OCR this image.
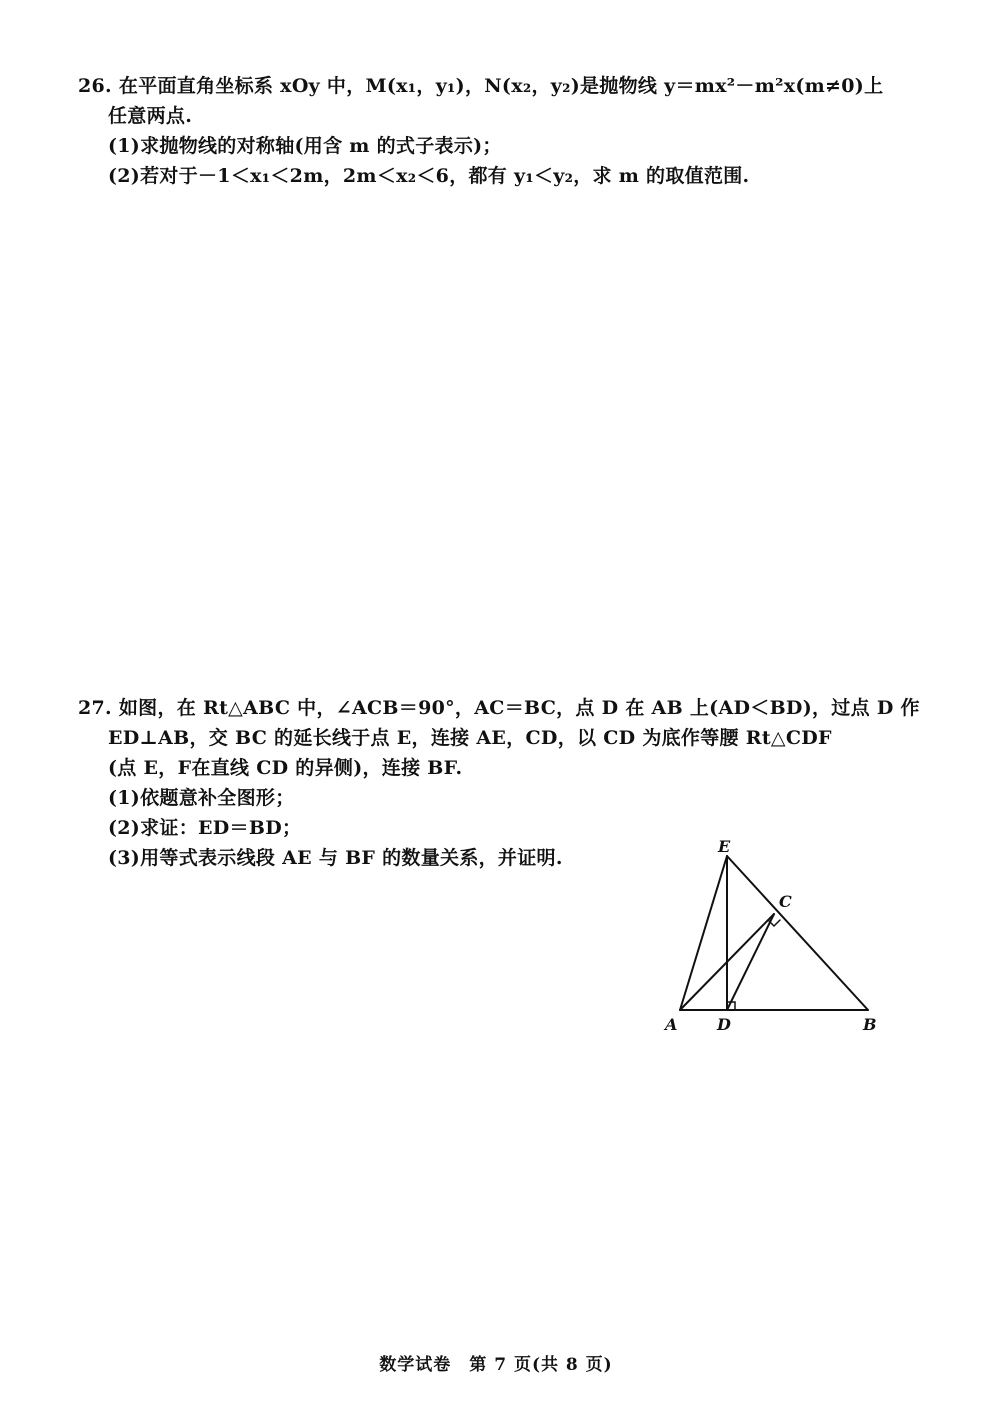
26. 在平面直角坐标系 xOy 中，M(x₁，y₁)，N(x₂，y₂)是抛物线 y＝mx²－m²x(m≠0)上
任意两点.
(1)求抛物线的对称轴(用含 m 的式子表示)；
(2)若对于－1＜x₁＜2m，2m＜x₂＜6，都有 y₁＜y₂，求 m 的取值范围.
27. 如图，在 Rt△ABC 中，∠ACB＝90°，AC＝BC，点 D 在 AB 上(AD＜BD)，过点 D 作
ED⊥AB，交 BC 的延长线于点 E，连接 AE，CD，以 CD 为底作等腰 Rt△CDF
(点 E，F在直线 CD 的异侧)，连接 BF.
(1)依题意补全图形；
(2)求证：ED＝BD；
(3)用等式表示线段 AE 与 BF 的数量关系，并证明.
E
C
A D	B
数学试卷　第 7 页(共 8 页)
